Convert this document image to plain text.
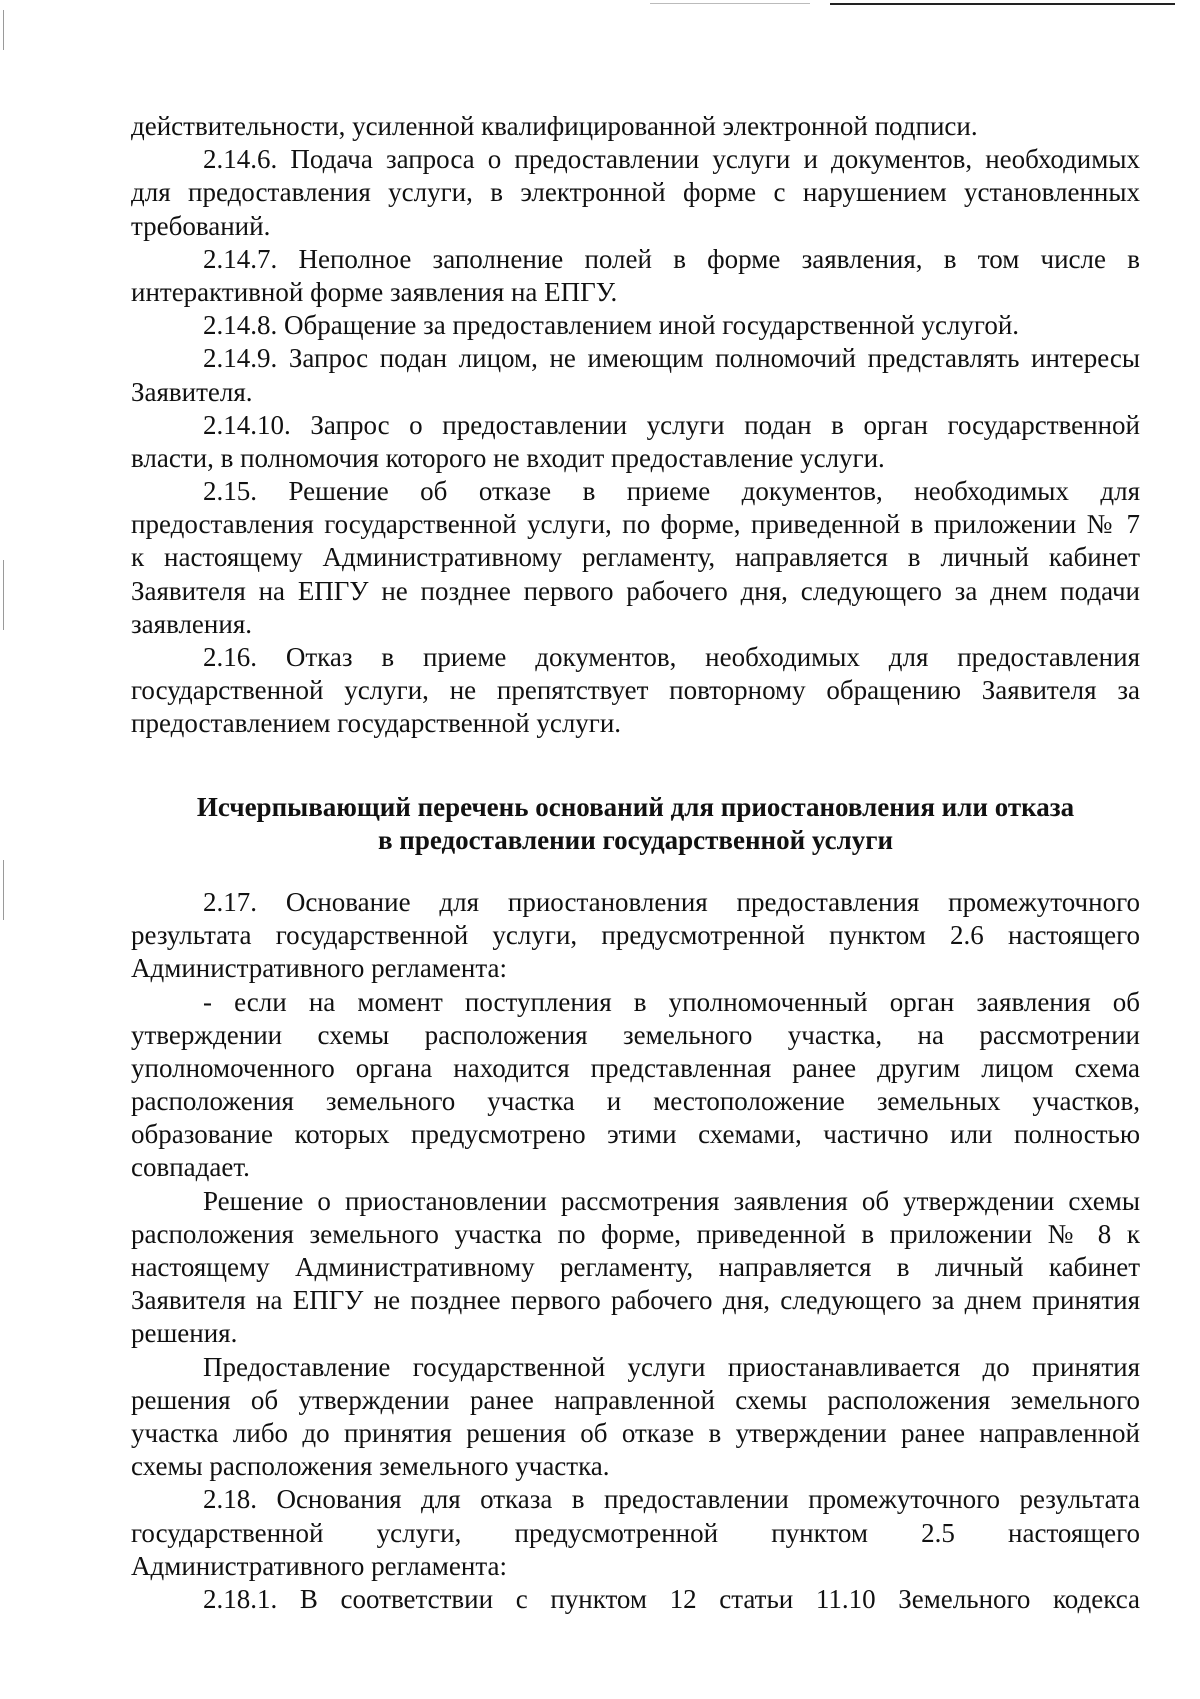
действительности, усиленной квалифицированной электронной подписи.
2.14.6. Подача запроса о предоставлении услуги и документов, необходимых
для предоставления услуги, в электронной форме с нарушением установленных
требований.
2.14.7. Неполное заполнение полей в форме заявления, в том числе в
интерактивной форме заявления на ЕПГУ.
2.14.8. Обращение за предоставлением иной государственной услугой.
2.14.9. Запрос подан лицом, не имеющим полномочий представлять интересы
Заявителя.
2.14.10. Запрос о предоставлении услуги подан в орган государственной
власти, в полномочия которого не входит предоставление услуги.
2.15. Решение об отказе в приеме документов, необходимых для
предоставления государственной услуги, по форме, приведенной в приложении № 7
к настоящему Административному регламенту, направляется в личный кабинет
Заявителя на ЕПГУ не позднее первого рабочего дня, следующего за днем подачи
заявления.
2.16. Отказ в приеме документов, необходимых для предоставления
государственной услуги, не препятствует повторному обращению Заявителя за
предоставлением государственной услуги.
Исчерпывающий перечень оснований для приостановления или отказа
в предоставлении государственной услуги
2.17. Основание для приостановления предоставления промежуточного
результата государственной услуги, предусмотренной пунктом 2.6 настоящего
Административного регламента:
- если на момент поступления в уполномоченный орган заявления об
утверждении схемы расположения земельного участка, на рассмотрении
уполномоченного органа находится представленная ранее другим лицом схема
расположения земельного участка и местоположение земельных участков,
образование которых предусмотрено этими схемами, частично или полностью
совпадает.
Решение о приостановлении рассмотрения заявления об утверждении схемы
расположения земельного участка по форме, приведенной в приложении № 8 к
настоящему Административному регламенту, направляется в личный кабинет
Заявителя на ЕПГУ не позднее первого рабочего дня, следующего за днем принятия
решения.
Предоставление государственной услуги приостанавливается до принятия
решения об утверждении ранее направленной схемы расположения земельного
участка либо до принятия решения об отказе в утверждении ранее направленной
схемы расположения земельного участка.
2.18. Основания для отказа в предоставлении промежуточного результата
государственной услуги, предусмотренной пунктом 2.5 настоящего
Административного регламента:
2.18.1. В соответствии с пунктом 12 статьи 11.10 Земельного кодекса
